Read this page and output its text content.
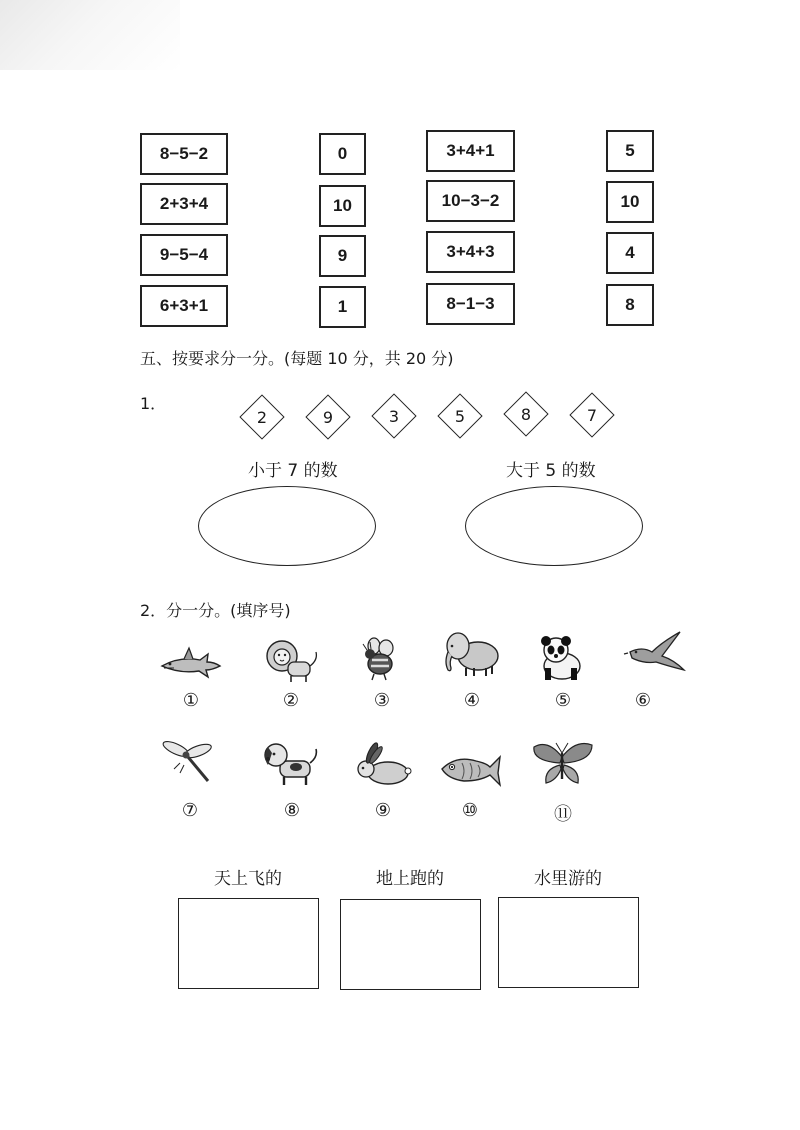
8−5−2
2+3+4
9−5−4
6+3+1
0
10
9
1
3+4+1
10−3−2
3+4+3
8−1−3
5
10
4
8
五、按要求分一分。(每题 10 分，共 20 分)
1．
2	9	3	5	8	7
小于 7 的数	大于 5 的数
2．分一分。(填序号)
①	②	③	④	⑤	⑥
⑦	⑧	⑨	⑩	⑪
天上飞的	地上跑的	水里游的
